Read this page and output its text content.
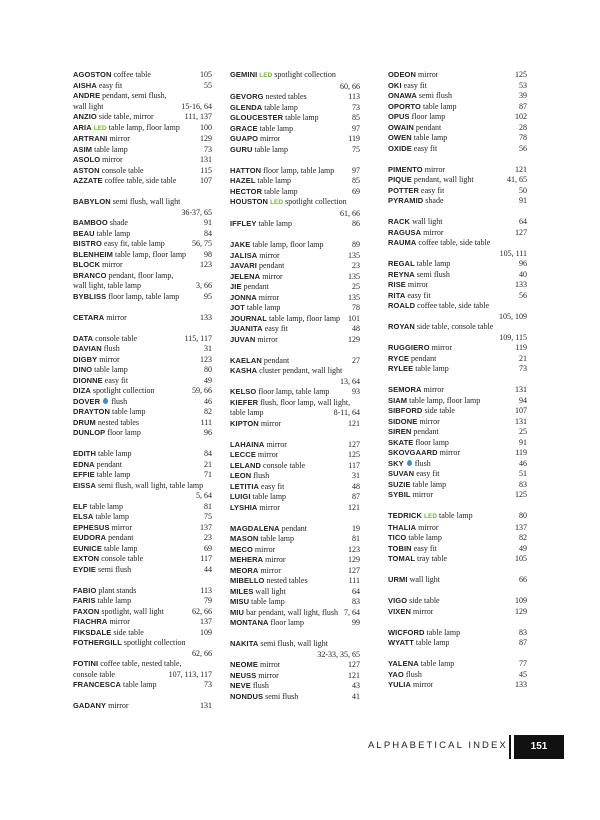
AGOSTON coffee table	105
AISHA easy fit	55
ANDRE pendant, semi flush,
wall light	15-16, 64
ANZIO side table, mirror	111, 137
ARIA LED table lamp, floor lamp	100
ARTRANI mirror	129
ASIM table lamp	73
ASOLO mirror	131
ASTON console table	115
AZZATE coffee table, side table	107
BABYLON semi flush, wall light
36-37, 65
BAMBOO shade	91
BEAU table lamp	84
BISTRO easy fit, table lamp	56, 75
BLENHEIM table lamp, floor lamp	98
BLOCK mirror	123
BRANCO pendant, floor lamp,
wall light, table lamp	3, 66
BYBLISS floor lamp, table lamp	95
CETARA mirror	133
DATA console table	115, 117
DAVIAN flush	31
DIGBY mirror	123
DINO table lamp	80
DIONNE easy fit	49
DIZA spotlight collection	59, 66
DOVER flush	46
DRAYTON table lamp	82
DRUM nested tables	111
DUNLOP floor lamp	96
EDITH table lamp	84
EDNA pendant	21
EFFIE table lamp	71
EISSA semi flush, wall light, table lamp
5, 64
ELF table lamp	81
ELSA table lamp	75
EPHESUS mirror	137
EUDORA pendant	23
EUNICE table lamp	69
EXTON console table	117
EYDIE semi flush	44
FABIO plant stands	113
FARIS table lamp	79
FAXON spotlight, wall light	62, 66
FIACHRA mirror	137
FIKSDALE side table	109
FOTHERGILL spotlight collection
62, 66
FOTINI coffee table, nested table,
console table	107, 113, 117
FRANCESCA table lamp	73
GADANY mirror	131
GEMINI LED spotlight collection
60, 66
GEVORG nested tables	113
GLENDA table lamp	73
GLOUCESTER table lamp	85
GRACE table lamp	97
GUAPO mirror	119
GURU table lamp	75
HATTON floor lamp, table lamp	97
HAZEL table lamp	85
HECTOR table lamp	69
HOUSTON LED spotlight collection
61, 66
IFFLEY table lamp	86
JAKE table lamp, floor lamp	89
JALISA mirror	135
JAVARI pendant	23
JELENA mirror	135
JIE pendant	25
JONNA mirror	135
JOT table lamp	78
JOURNAL table lamp, floor lamp 101
JUANITA easy fit	48
JUVAN mirror	129
KAELAN pendant	27
KASHA cluster pendant, wall light
13, 64
KELSO floor lamp, table lamp	93
KIEFER flush, floor lamp, wall light,
table lamp	8-11, 64
KIPTON mirror	121
LAHAINA mirror	127
LECCE mirror	125
LELAND console table	117
LEON flush	31
LETITIA easy fit	48
LUIGI table lamp	87
LYSHIA mirror	121
MAGDALENA pendant	19
MASON table lamp	81
MECO mirror	123
MEHERA mirror	129
MEORA mirror	127
MIBELLO nested tables	111
MILES wall light	64
MISU table lamp	83
MIU bar pendant, wall light, flush 7, 64
MONTANA floor lamp	99
NAKITA semi flush, wall light
32-33, 35, 65
NEOME mirror	127
NEUSS mirror	121
NEVE flush	43
NONDUS semi flush	41
ODEON mirror	125
OKI easy fit	53
ONAWA semi flush	39
OPORTO table lamp	87
OPUS floor lamp	102
OWAIN pendant	28
OWEN table lamp	78
OXIDE easy fit	56
PIMENTO mirror	121
PIQUE pendant, wall light	41, 65
POTTER easy fit	50
PYRAMID shade	91
RACK wall light	64
RAGUSA mirror	127
RAUMA coffee table, side table
105, 111
REGAL table lamp	96
REYNA semi flush	40
RISE mirror	133
RITA easy fit	56
ROALD coffee table, side table
105, 109
ROYAN side table, console table
109, 115
RUGGIERO mirror	119
RYCE pendant	21
RYLEE table lamp	73
SEMORA mirror	131
SIAM table lamp, floor lamp	94
SIBFORD side table	107
SIDONE mirror	131
SIREN pendant	25
SKATE floor lamp	91
SKOVGAARD mirror	119
SKY flush	46
SUVAN easy fit	51
SUZIE table lamp	83
SYBIL mirror	125
TEDRICK LED table lamp	80
THALIA mirror	137
TICO table lamp	82
TOBIN easy fit	49
TOMAL tray table	105
URMI wall light	66
VIGO side table	109
VIXEN mirror	129
WICFORD table lamp	83
WYATT table lamp	87
YALENA table lamp	77
YAO flush	45
YULIA mirror	133
ALPHABETICAL INDEX	151
